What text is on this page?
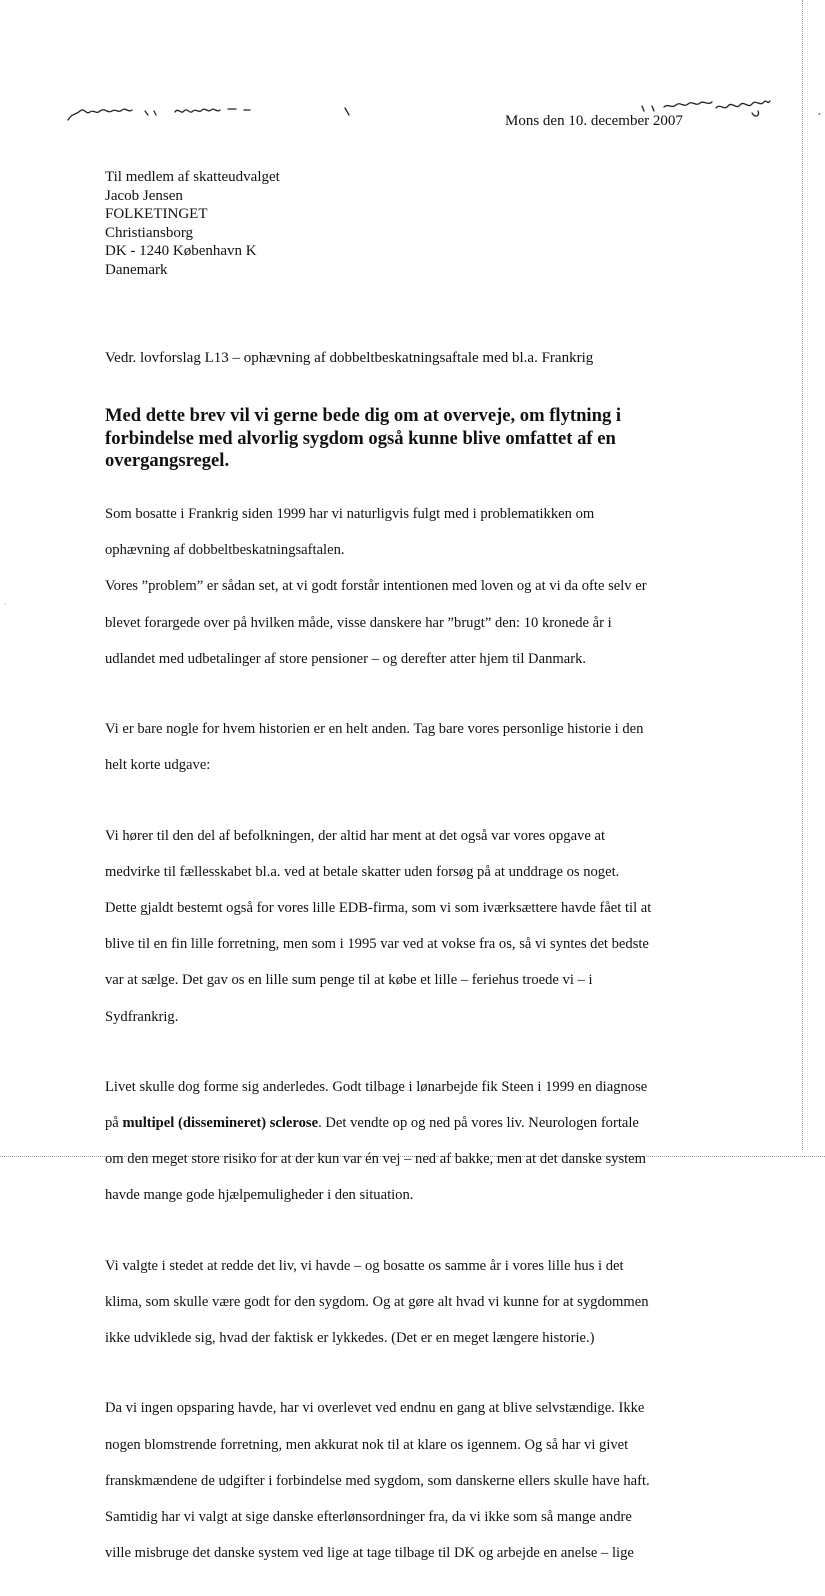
•
·
Mons den 10. december 2007
Til medlem af skatteudvalget
Jacob Jensen
FOLKETINGET
Christiansborg
DK - 1240 København K
Danemark
Vedr. lovforslag L13 – ophævning af dobbeltbeskatningsaftale med bl.a. Frankrig
Med dette brev vil vi gerne bede dig om at overveje, om flytning i forbindelse med alvorlig sygdom også kunne blive omfattet af en overgangsregel.

Som bosatte i Frankrig siden 1999 har vi naturligvis fulgt med i problematikken om

ophævning af dobbeltbeskatningsaftalen.

Vores ”problem” er sådan set, at vi godt forstår intentionen med loven og at vi da ofte selv er

blevet forargede over på hvilken måde, visse danskere har ”brugt” den: 10 kronede år i

udlandet med udbetalinger af store pensioner – og derefter atter hjem til Danmark.

Vi er bare nogle for hvem historien er en helt anden. Tag bare vores personlige historie i den

helt korte udgave:

Vi hører til den del af befolkningen, der altid har ment at det også var vores opgave at

medvirke til fællesskabet bl.a. ved at betale skatter uden forsøg på at unddrage os noget.

Dette gjaldt bestemt også for vores lille EDB-firma, som vi som iværksættere havde fået til at

blive til en fin lille forretning, men som i 1995 var ved at vokse fra os, så vi syntes det bedste

var at sælge. Det gav os en lille sum penge til at købe et lille – feriehus troede vi – i

Sydfrankrig.

Livet skulle dog forme sig anderledes. Godt tilbage i lønarbejde fik Steen i 1999 en diagnose

på multipel (dissemineret) sclerose. Det vendte op og ned på vores liv. Neurologen fortale

om den meget store risiko for at der kun var én vej – ned af bakke, men at det danske system

havde mange gode hjælpemuligheder i den situation.

Vi valgte i stedet at redde det liv, vi havde – og bosatte os samme år i vores lille hus i det

klima, som skulle være godt for den sygdom. Og at gøre alt hvad vi kunne for at sygdommen

ikke udviklede sig, hvad der faktisk er lykkedes. (Det er en meget længere historie.)

Da vi ingen opsparing havde, har vi overlevet ved endnu en gang at blive selvstændige. Ikke

nogen blomstrende forretning, men akkurat nok til at klare os igennem. Og så har vi givet

franskmændene de udgifter i forbindelse med sygdom, som danskerne ellers skulle have haft.

Samtidig har vi valgt at sige danske efterlønsordninger fra, da vi ikke som så mange andre

ville misbruge det danske system ved lige at tage tilbage til DK og arbejde en anelse – lige
